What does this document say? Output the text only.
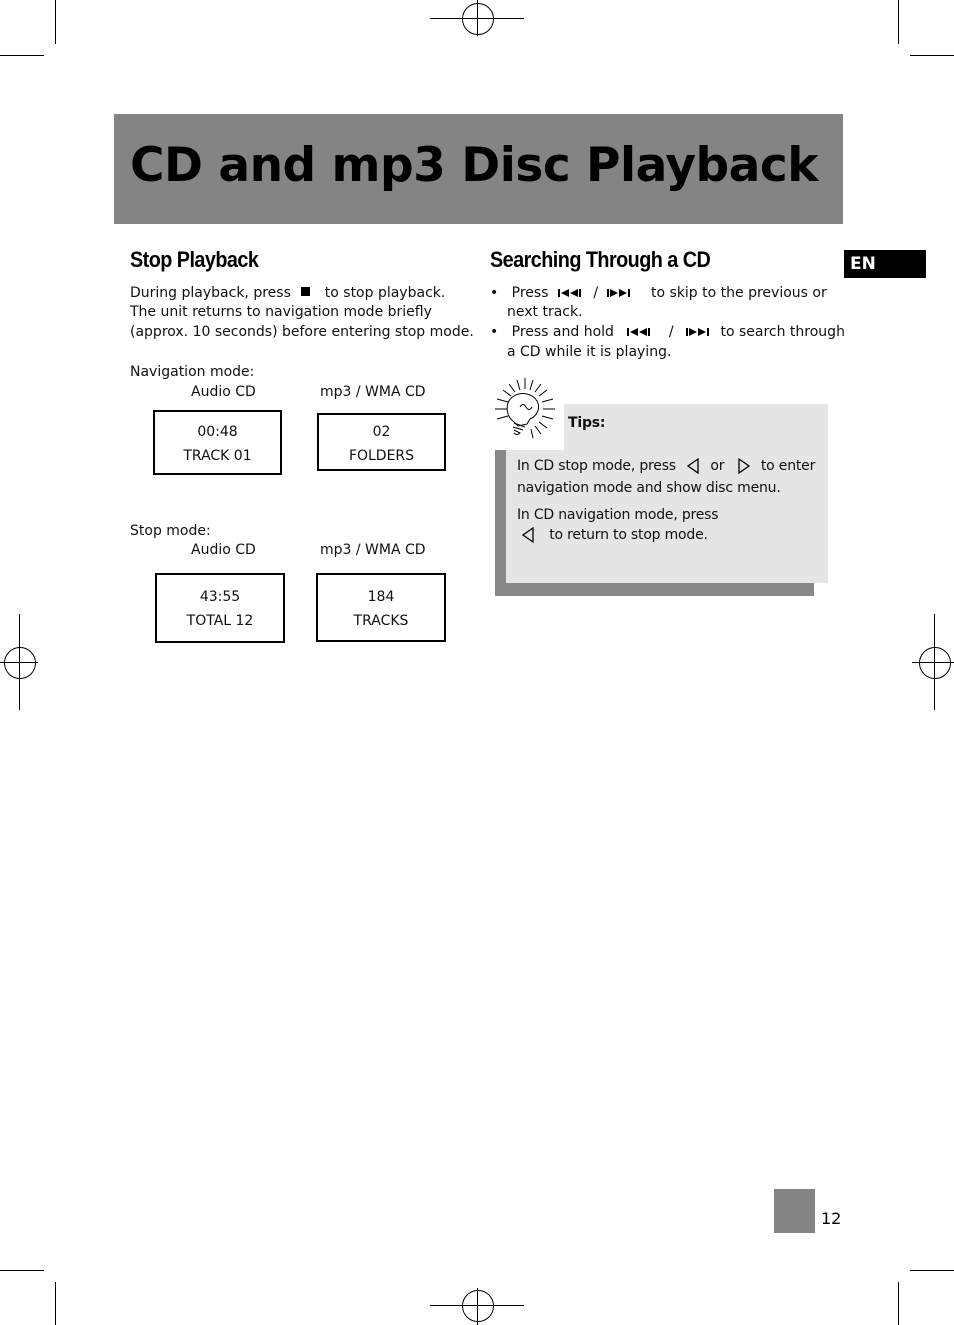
CD and mp3 Disc Playback
EN
Stop Playback
During playback, press to stop playback.
The unit returns to navigation mode briefly
(approx. 10 seconds) before entering stop mode.
Navigation mode:
Audio CD	mp3 / WMA CD
00:48
TRACK 01
02
FOLDERS
Stop mode:
Audio CD	mp3 / WMA CD
43:55
TOTAL 12
184
TRACKS
Searching Through a CD
•   Press	/	to skip to the previous or
next track.
•   Press and hold	/	to search through
a CD while it is playing.
Tips:
In CD stop mode, press or	to enter
navigation mode and show disc menu.
In CD navigation mode, press
to return to stop mode.
12
